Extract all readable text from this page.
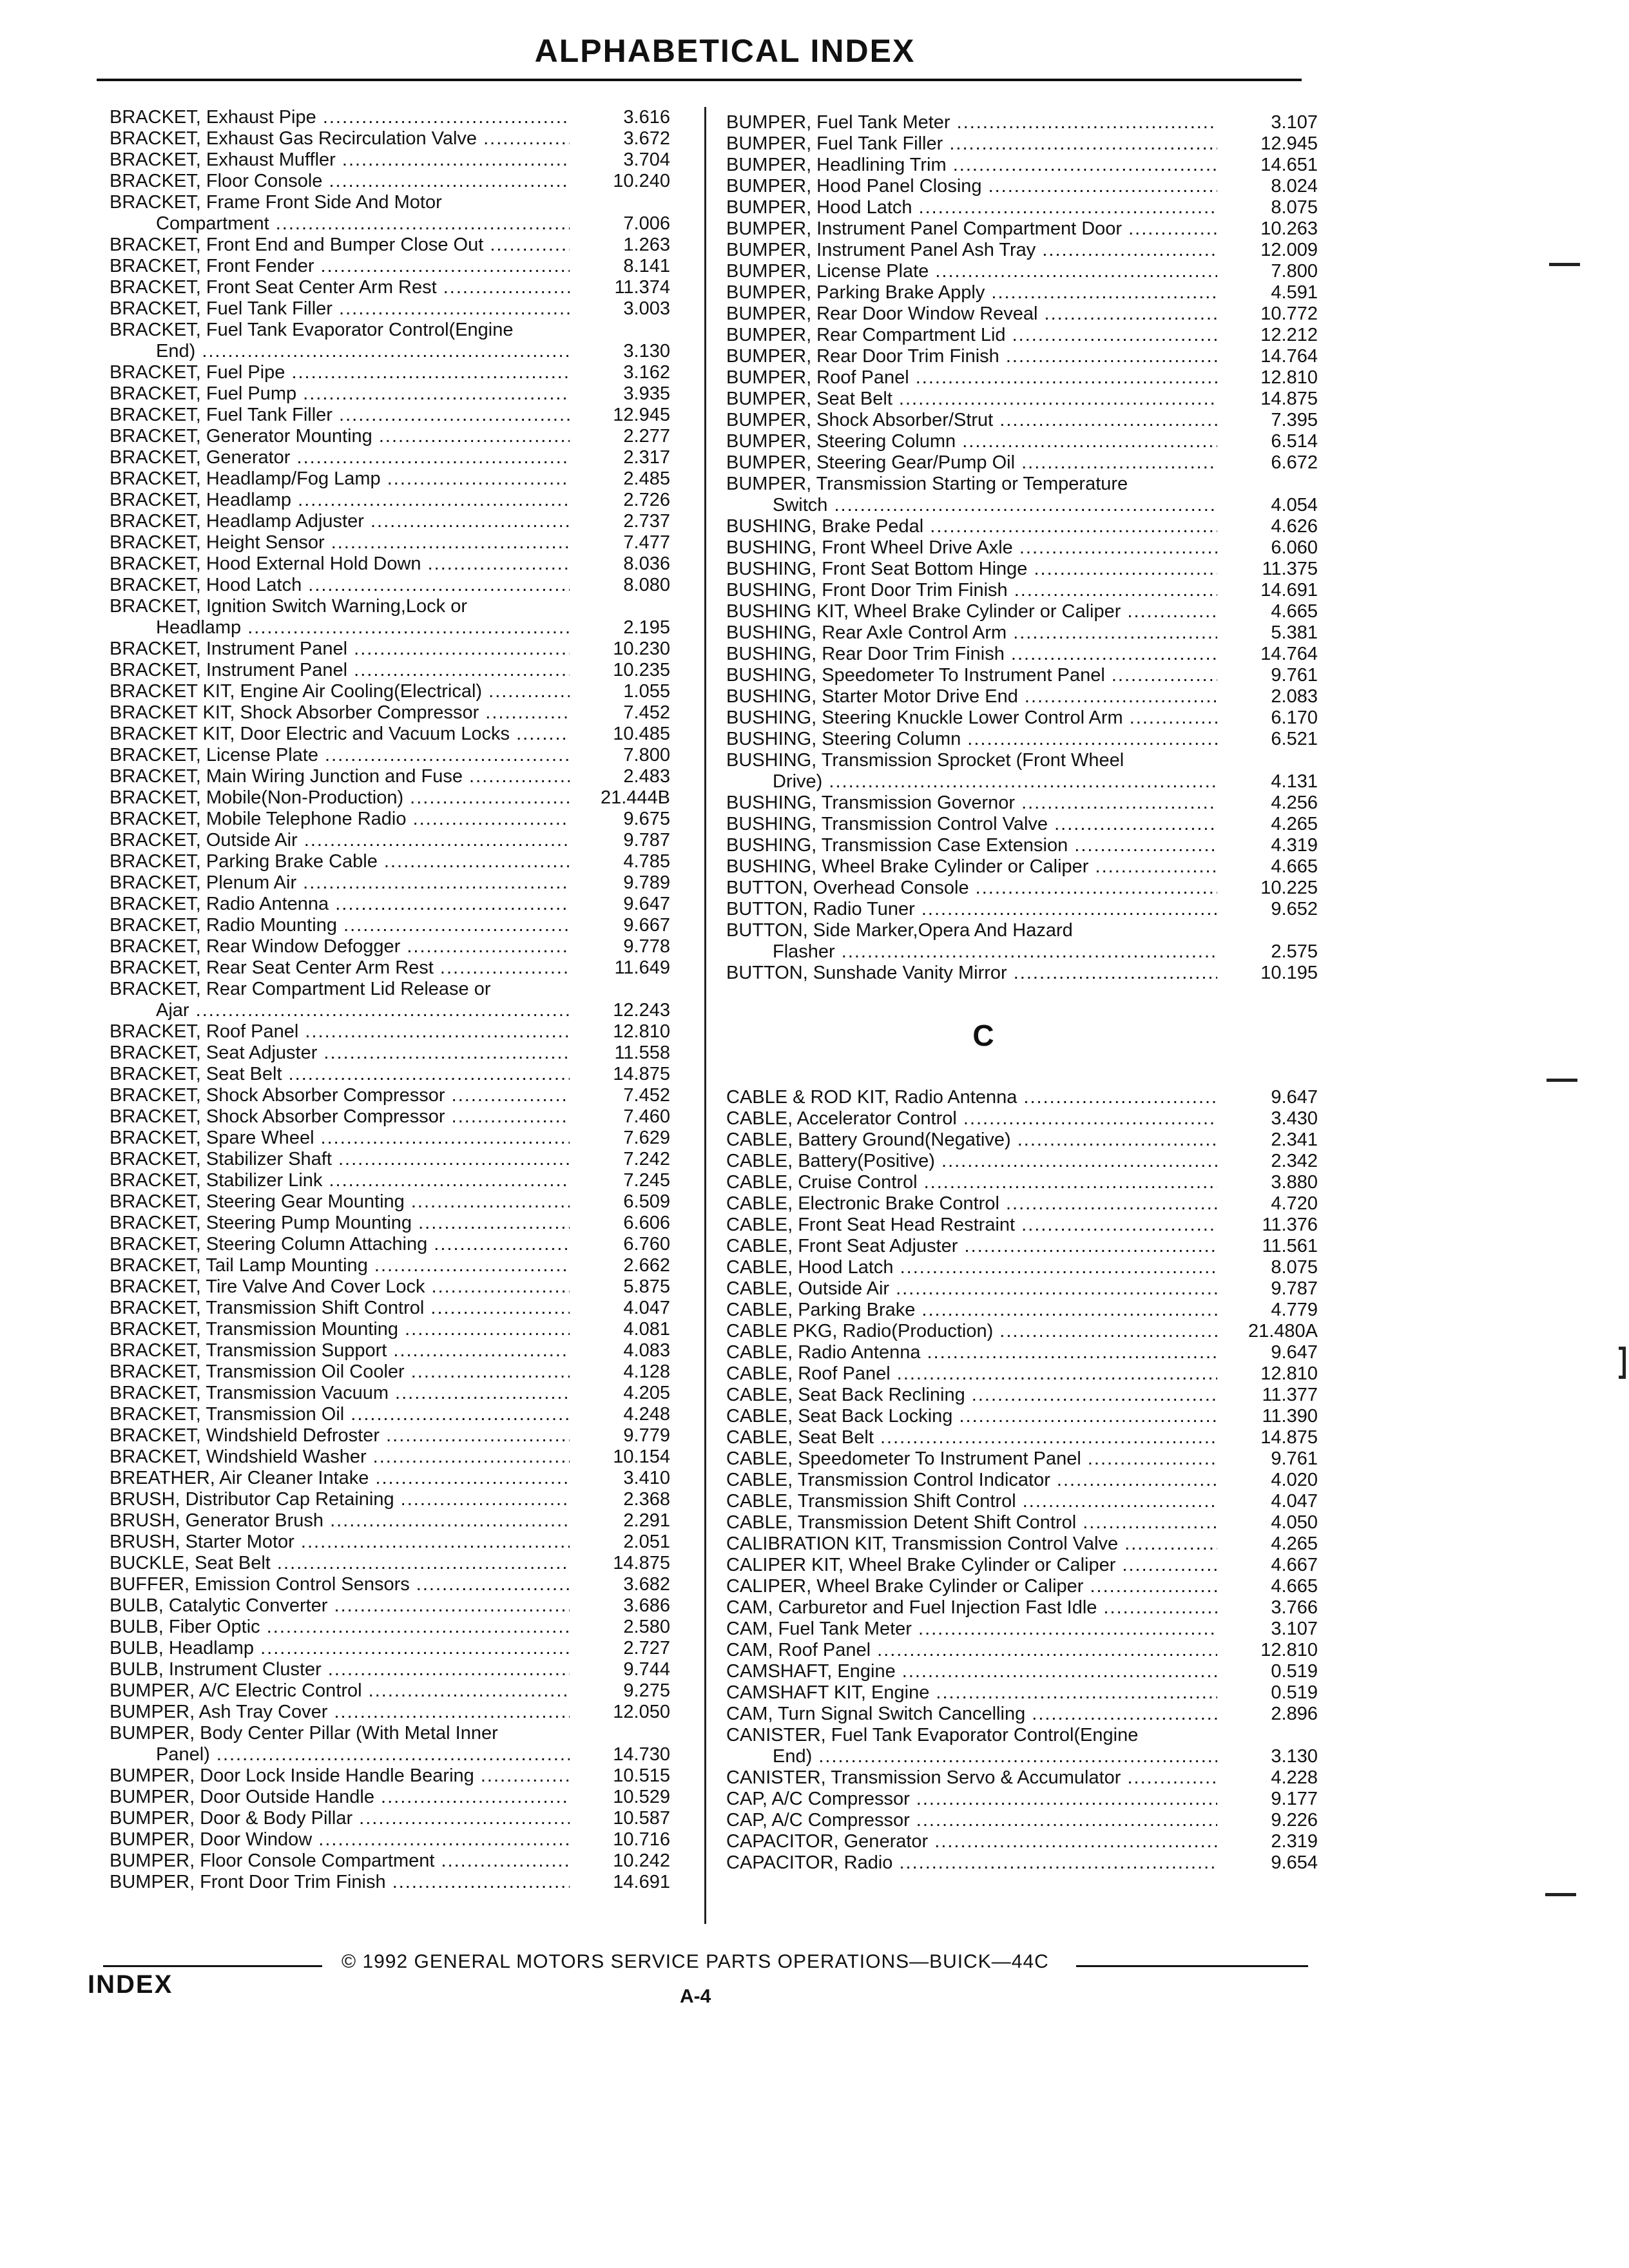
ALPHABETICAL INDEX
BRACKET, Exhaust Pipe .....	3.616
BRACKET, Exhaust Gas Recirculation Valve .....	3.672
BRACKET, Exhaust Muffler .....	3.704
BRACKET, Floor Console .....	10.240
BRACKET, Frame Front Side And Motor
Compartment .....	7.006
BRACKET, Front End and Bumper Close Out .....	1.263
BRACKET, Front Fender .....	8.141
BRACKET, Front Seat Center Arm Rest .....	11.374
BRACKET, Fuel Tank Filler .....	3.003
BRACKET, Fuel Tank Evaporator Control(Engine
End) .....	3.130
BRACKET, Fuel Pipe .....	3.162
BRACKET, Fuel Pump .....	3.935
BRACKET, Fuel Tank Filler .....	12.945
BRACKET, Generator Mounting .....	2.277
BRACKET, Generator .....	2.317
BRACKET, Headlamp/Fog Lamp .....	2.485
BRACKET, Headlamp .....	2.726
BRACKET, Headlamp Adjuster .....	2.737
BRACKET, Height Sensor .....	7.477
BRACKET, Hood External Hold Down .....	8.036
BRACKET, Hood Latch .....	8.080
BRACKET, Ignition Switch Warning,Lock or
Headlamp .....	2.195
BRACKET, Instrument Panel .....	10.230
BRACKET, Instrument Panel .....	10.235
BRACKET KIT, Engine Air Cooling(Electrical) .....	1.055
BRACKET KIT, Shock Absorber Compressor .....	7.452
BRACKET KIT, Door Electric and Vacuum Locks .....	10.485
BRACKET, License Plate .....	7.800
BRACKET, Main Wiring Junction and Fuse .....	2.483
BRACKET, Mobile(Non-Production) .....	21.444B
BRACKET, Mobile Telephone Radio .....	9.675
BRACKET, Outside Air .....	9.787
BRACKET, Parking Brake Cable .....	4.785
BRACKET, Plenum Air .....	9.789
BRACKET, Radio Antenna .....	9.647
BRACKET, Radio Mounting .....	9.667
BRACKET, Rear Window Defogger .....	9.778
BRACKET, Rear Seat Center Arm Rest .....	11.649
BRACKET, Rear Compartment Lid Release or
Ajar .....	12.243
BRACKET, Roof Panel .....	12.810
BRACKET, Seat Adjuster .....	11.558
BRACKET, Seat Belt .....	14.875
BRACKET, Shock Absorber Compressor .....	7.452
BRACKET, Shock Absorber Compressor .....	7.460
BRACKET, Spare Wheel .....	7.629
BRACKET, Stabilizer Shaft .....	7.242
BRACKET, Stabilizer Link .....	7.245
BRACKET, Steering Gear Mounting .....	6.509
BRACKET, Steering Pump Mounting .....	6.606
BRACKET, Steering Column Attaching .....	6.760
BRACKET, Tail Lamp Mounting .....	2.662
BRACKET, Tire Valve And Cover Lock .....	5.875
BRACKET, Transmission Shift Control .....	4.047
BRACKET, Transmission Mounting .....	4.081
BRACKET, Transmission Support .....	4.083
BRACKET, Transmission Oil Cooler .....	4.128
BRACKET, Transmission Vacuum .....	4.205
BRACKET, Transmission Oil .....	4.248
BRACKET, Windshield Defroster .....	9.779
BRACKET, Windshield Washer .....	10.154
BREATHER, Air Cleaner Intake .....	3.410
BRUSH, Distributor Cap Retaining .....	2.368
BRUSH, Generator Brush .....	2.291
BRUSH, Starter Motor .....	2.051
BUCKLE, Seat Belt .....	14.875
BUFFER, Emission Control Sensors .....	3.682
BULB, Catalytic Converter .....	3.686
BULB, Fiber Optic .....	2.580
BULB, Headlamp .....	2.727
BULB, Instrument Cluster .....	9.744
BUMPER, A/C Electric Control .....	9.275
BUMPER, Ash Tray Cover .....	12.050
BUMPER, Body Center Pillar (With Metal Inner
Panel) .....	14.730
BUMPER, Door Lock Inside Handle Bearing .....	10.515
BUMPER, Door Outside Handle .....	10.529
BUMPER, Door & Body Pillar .....	10.587
BUMPER, Door Window .....	10.716
BUMPER, Floor Console Compartment .....	10.242
BUMPER, Front Door Trim Finish .....	14.691
BUMPER, Fuel Tank Meter .....	3.107
BUMPER, Fuel Tank Filler .....	12.945
BUMPER, Headlining Trim .....	14.651
BUMPER, Hood Panel Closing .....	8.024
BUMPER, Hood Latch .....	8.075
BUMPER, Instrument Panel Compartment Door .....	10.263
BUMPER, Instrument Panel Ash Tray .....	12.009
BUMPER, License Plate .....	7.800
BUMPER, Parking Brake Apply .....	4.591
BUMPER, Rear Door Window Reveal .....	10.772
BUMPER, Rear Compartment Lid .....	12.212
BUMPER, Rear Door Trim Finish .....	14.764
BUMPER, Roof Panel .....	12.810
BUMPER, Seat Belt .....	14.875
BUMPER, Shock Absorber/Strut .....	7.395
BUMPER, Steering Column .....	6.514
BUMPER, Steering Gear/Pump Oil .....	6.672
BUMPER, Transmission Starting or Temperature
Switch .....	4.054
BUSHING, Brake Pedal .....	4.626
BUSHING, Front Wheel Drive Axle .....	6.060
BUSHING, Front Seat Bottom Hinge .....	11.375
BUSHING, Front Door Trim Finish .....	14.691
BUSHING KIT, Wheel Brake Cylinder or Caliper .....	4.665
BUSHING, Rear Axle Control Arm .....	5.381
BUSHING, Rear Door Trim Finish .....	14.764
BUSHING, Speedometer To Instrument Panel .....	9.761
BUSHING, Starter Motor Drive End .....	2.083
BUSHING, Steering Knuckle Lower Control Arm .....	6.170
BUSHING, Steering Column .....	6.521
BUSHING, Transmission Sprocket (Front Wheel
Drive) .....	4.131
BUSHING, Transmission Governor .....	4.256
BUSHING, Transmission Control Valve .....	4.265
BUSHING, Transmission Case Extension .....	4.319
BUSHING, Wheel Brake Cylinder or Caliper .....	4.665
BUTTON, Overhead Console .....	10.225
BUTTON, Radio Tuner .....	9.652
BUTTON, Side Marker,Opera And Hazard
Flasher .....	2.575
BUTTON, Sunshade Vanity Mirror .....	10.195
C
CABLE & ROD KIT, Radio Antenna .....	9.647
CABLE, Accelerator Control .....	3.430
CABLE, Battery Ground(Negative) .....	2.341
CABLE, Battery(Positive) .....	2.342
CABLE, Cruise Control .....	3.880
CABLE, Electronic Brake Control .....	4.720
CABLE, Front Seat Head Restraint .....	11.376
CABLE, Front Seat Adjuster .....	11.561
CABLE, Hood Latch .....	8.075
CABLE, Outside Air .....	9.787
CABLE, Parking Brake .....	4.779
CABLE PKG, Radio(Production) .....	21.480A
CABLE, Radio Antenna .....	9.647
CABLE, Roof Panel .....	12.810
CABLE, Seat Back Reclining .....	11.377
CABLE, Seat Back Locking .....	11.390
CABLE, Seat Belt .....	14.875
CABLE, Speedometer To Instrument Panel .....	9.761
CABLE, Transmission Control Indicator .....	4.020
CABLE, Transmission Shift Control .....	4.047
CABLE, Transmission Detent Shift Control .....	4.050
CALIBRATION KIT, Transmission Control Valve .....	4.265
CALIPER KIT, Wheel Brake Cylinder or Caliper .....	4.667
CALIPER, Wheel Brake Cylinder or Caliper .....	4.665
CAM, Carburetor and Fuel Injection Fast Idle .....	3.766
CAM, Fuel Tank Meter .....	3.107
CAM, Roof Panel .....	12.810
CAMSHAFT, Engine .....	0.519
CAMSHAFT KIT, Engine .....	0.519
CAM, Turn Signal Switch Cancelling .....	2.896
CANISTER, Fuel Tank Evaporator Control(Engine
End) .....	3.130
CANISTER, Transmission Servo & Accumulator .....	4.228
CAP, A/C Compressor .....	9.177
CAP, A/C Compressor .....	9.226
CAPACITOR, Generator .....	2.319
CAPACITOR, Radio .....	9.654
© 1992 GENERAL MOTORS SERVICE PARTS OPERATIONS—BUICK—44C
INDEX	A-4
